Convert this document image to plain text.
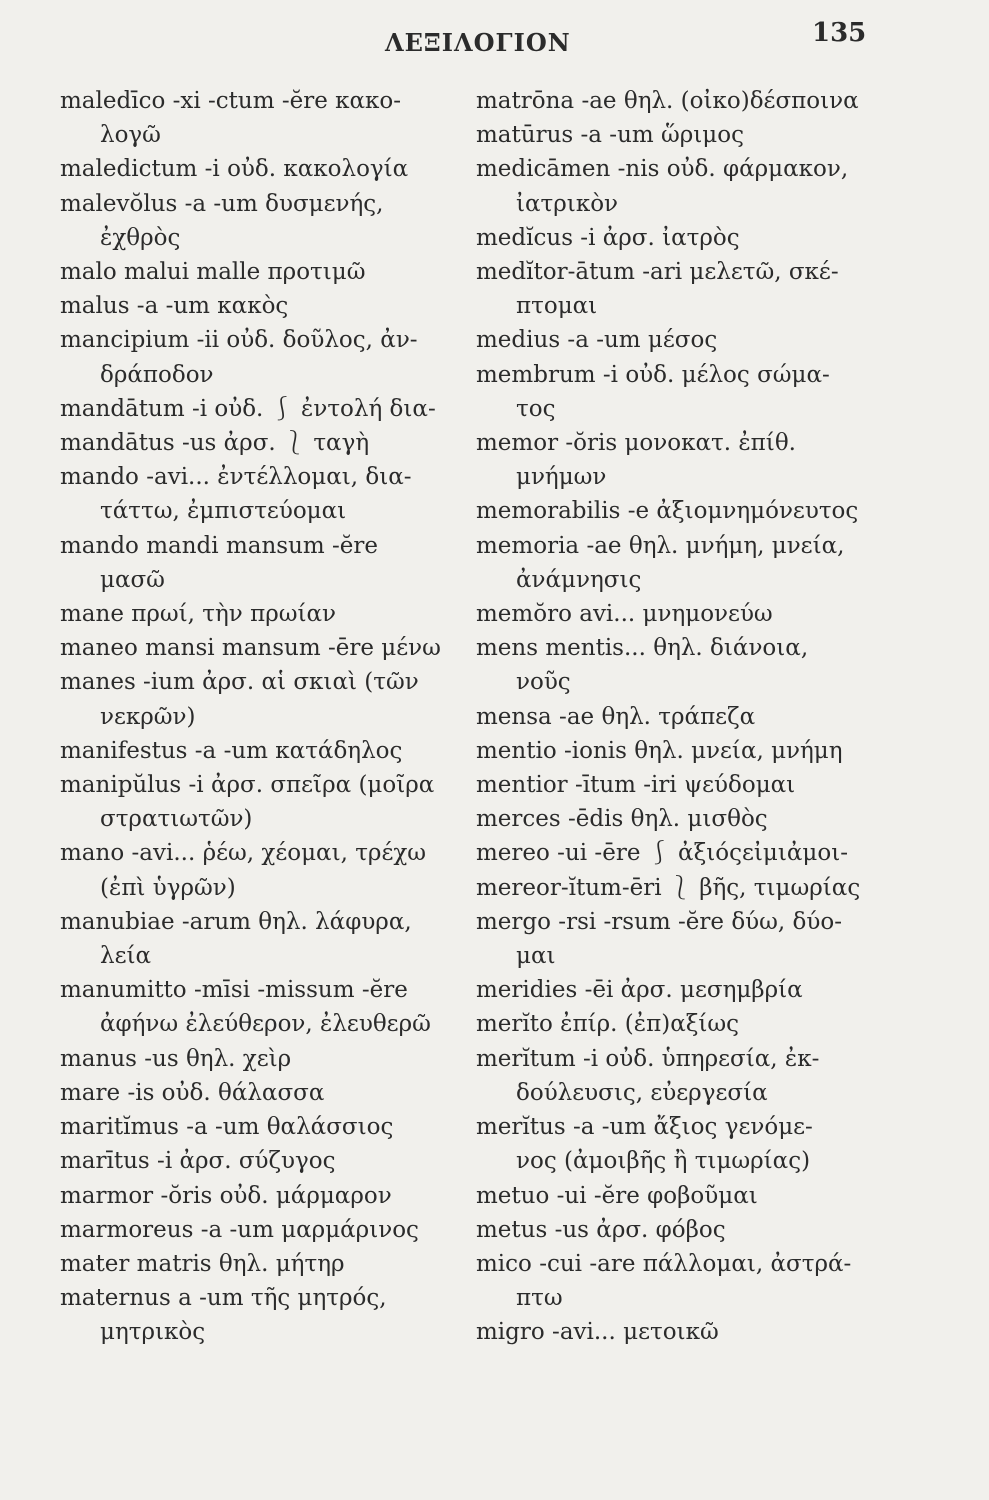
ΛΕΞΙΛΟΓΙΟΝ	135
maledīco -xi -ctum -ĕre κακο-
λογῶ
maledictum -i οὐδ. κακολογία
malevŏlus -a -um δυσμενής,
ἐχθρὸς
malo malui malle προτιμῶ
malus -a -um κακὸς
mancipium -ii οὐδ. δοῦλος, ἀν-
δράποδον
mandātum -i οὐδ. ⎰ ἐντολή δια-
mandātus -us ἀρσ. ⎱ ταγὴ
mando -avi... ἐντέλλομαι, δια-
τάττω, ἐμπιστεύομαι
mando mandi mansum -ĕre
μασῶ
mane πρωί, τὴν πρωίαν
maneo mansi mansum -ēre μένω
manes -ium ἀρσ. αἱ σκιαὶ (τῶν
νεκρῶν)
manifestus -a -um κατάδηλος
manipŭlus -i ἀρσ. σπεῖρα (μοῖρα
στρατιωτῶν)
mano -avi... ῥέω, χέομαι, τρέχω
(ἐπὶ ὑγρῶν)
manubiae -arum θηλ. λάφυρα,
λεία
manumitto -mīsi -missum -ĕre
ἀφήνω ἐλεύθερον, ἐλευθερῶ
manus -us θηλ. χεὶρ
mare -is οὐδ. θάλασσα
maritĭmus -a -um θαλάσσιος
marītus -i ἀρσ. σύζυγος
marmor -ŏris οὐδ. μάρμαρον
marmoreus -a -um μαρμάρινος
mater matris θηλ. μήτηρ
maternus a -um τῆς μητρός,
μητρικὸς
matrōna -ae θηλ. (οἰκο)δέσποινα
matūrus -a -um ὥριμος
medicāmen -nis οὐδ. φάρμακον,
ἰατρικὸν
medĭcus -i ἀρσ. ἰατρὸς
medĭtor-ātum -ari μελετῶ, σκέ-
πτομαι
medius -a -um μέσος
membrum -i οὐδ. μέλος σώμα-
τος
memor -ŏris μονοκατ. ἐπίθ.
μνήμων
memorabilis -e ἀξιομνημόνευτος
memoria -ae θηλ. μνήμη, μνεία,
ἀνάμνησις
memŏro avi... μνημονεύω
mens mentis... θηλ. διάνοια,
νοῦς
mensa -ae θηλ. τράπεζα
mentio -ionis θηλ. μνεία, μνήμη
mentior -ītum -iri ψεύδομαι
merces -ēdis θηλ. μισθὸς
mereo -ui -ēre ⎰ ἀξιόςεἰμιἀμοι-
mereor-ĭtum-ēri ⎱ βῆς, τιμωρίας
mergo -rsi -rsum -ĕre δύω, δύο-
μαι
meridies -ēi ἀρσ. μεσημβρία
merĭto ἐπίρ. (ἐπ)αξίως
merĭtum -i οὐδ. ὑπηρεσία, ἐκ-
δούλευσις, εὐεργεσία
merĭtus -a -um ἄξιος γενόμε-
νος (ἀμοιβῆς ἢ τιμωρίας)
metuo -ui -ĕre φοβοῦμαι
metus -us ἀρσ. φόβος
mico -cui -are πάλλομαι, ἀστρά-
πτω
migro -avi... μετοικῶ
